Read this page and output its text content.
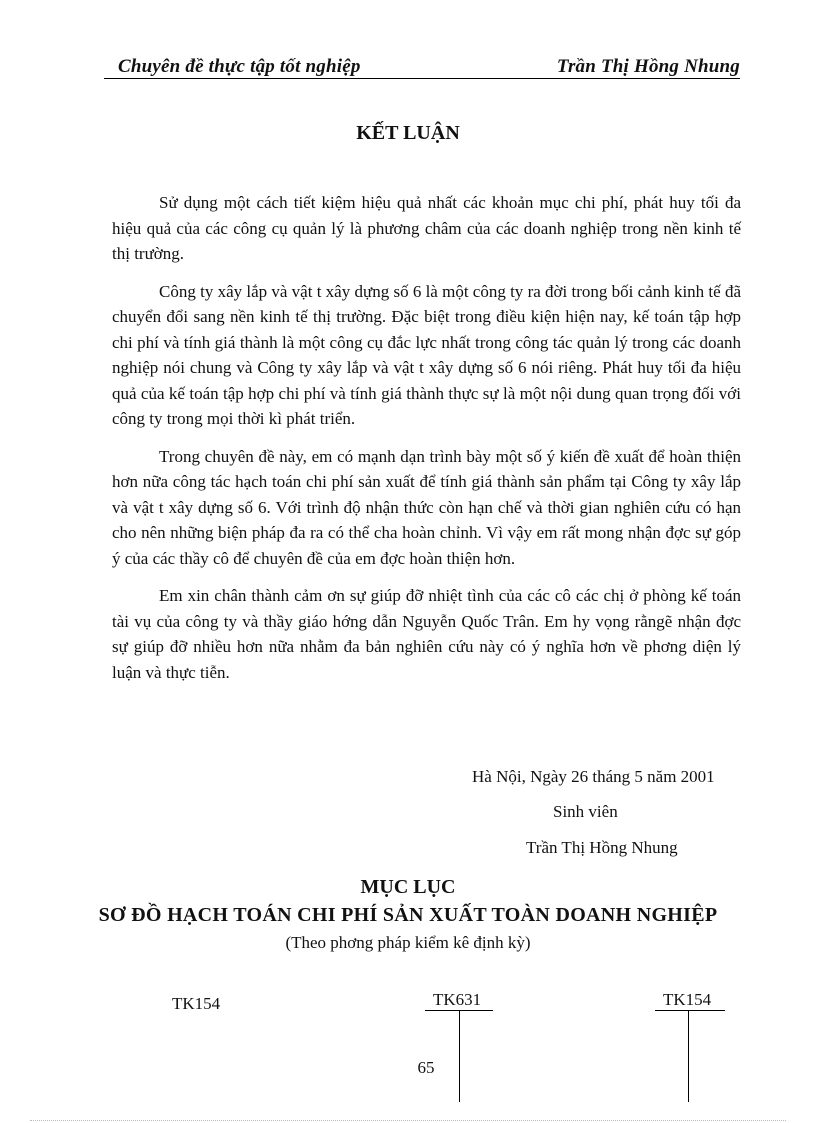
Chuyên đề thực tập tốt nghiệp	Trần Thị Hồng Nhung
KẾT LUẬN

Sử dụng một cách tiết kiệm hiệu quả nhất các khoản mục chi phí, phát huy tối đa hiệu quả của các công cụ quản lý là phương châm của các doanh nghiệp trong nền kinh tế thị trường.

Công ty xây lắp và vật t xây dựng số 6 là một công ty ra đời trong bối cảnh kinh tế đã chuyển đổi sang nền kinh tế thị trường. Đặc biệt trong điều kiện hiện nay, kế toán tập hợp chi phí và tính giá thành là một công cụ đắc lực nhất trong công tác quản lý trong các doanh nghiệp nói chung và Công ty xây lắp và vật t xây dựng số 6 nói riêng. Phát huy tối đa hiệu quả của kế toán tập hợp chi phí và tính giá thành thực sự là một nội dung quan trọng đối với công ty trong mọi thời kì phát triển.

Trong chuyên đề này, em có mạnh dạn trình bày một số ý kiến đề xuất để hoàn thiện hơn nữa công tác hạch toán chi phí sản xuất để tính giá thành sản phẩm tại Công ty xây lắp và vật t xây dựng số 6. Với trình độ nhận thức còn hạn chế và thời gian nghiên cứu có hạn cho nên những biện pháp đa ra có thể cha hoàn chỉnh. Vì vậy em rất mong nhận đợc sự góp ý của các thầy cô để chuyên đề của em đợc hoàn thiện hơn.

Em xin chân thành cảm ơn sự giúp đỡ nhiệt tình của các cô các chị ở phòng kế toán tài vụ của công ty và thầy giáo hớng dẫn Nguyễn Quốc Trân. Em hy vọng rằngẽ nhận đợc sự giúp đỡ nhiều hơn nữa nhằm đa bản nghiên cứu này có ý nghĩa hơn về phơng diện lý luận và thực tiễn.

Hà Nội, Ngày 26 tháng 5 năm 2001
Sinh viên
Trần Thị Hồng Nhung
MỤC LỤC
SƠ ĐỒ HẠCH TOÁN CHI PHÍ SẢN XUẤT TOÀN DOANH NGHIỆP
(Theo phơng pháp kiểm kê định kỳ)
TK154	TK631	TK154
65
